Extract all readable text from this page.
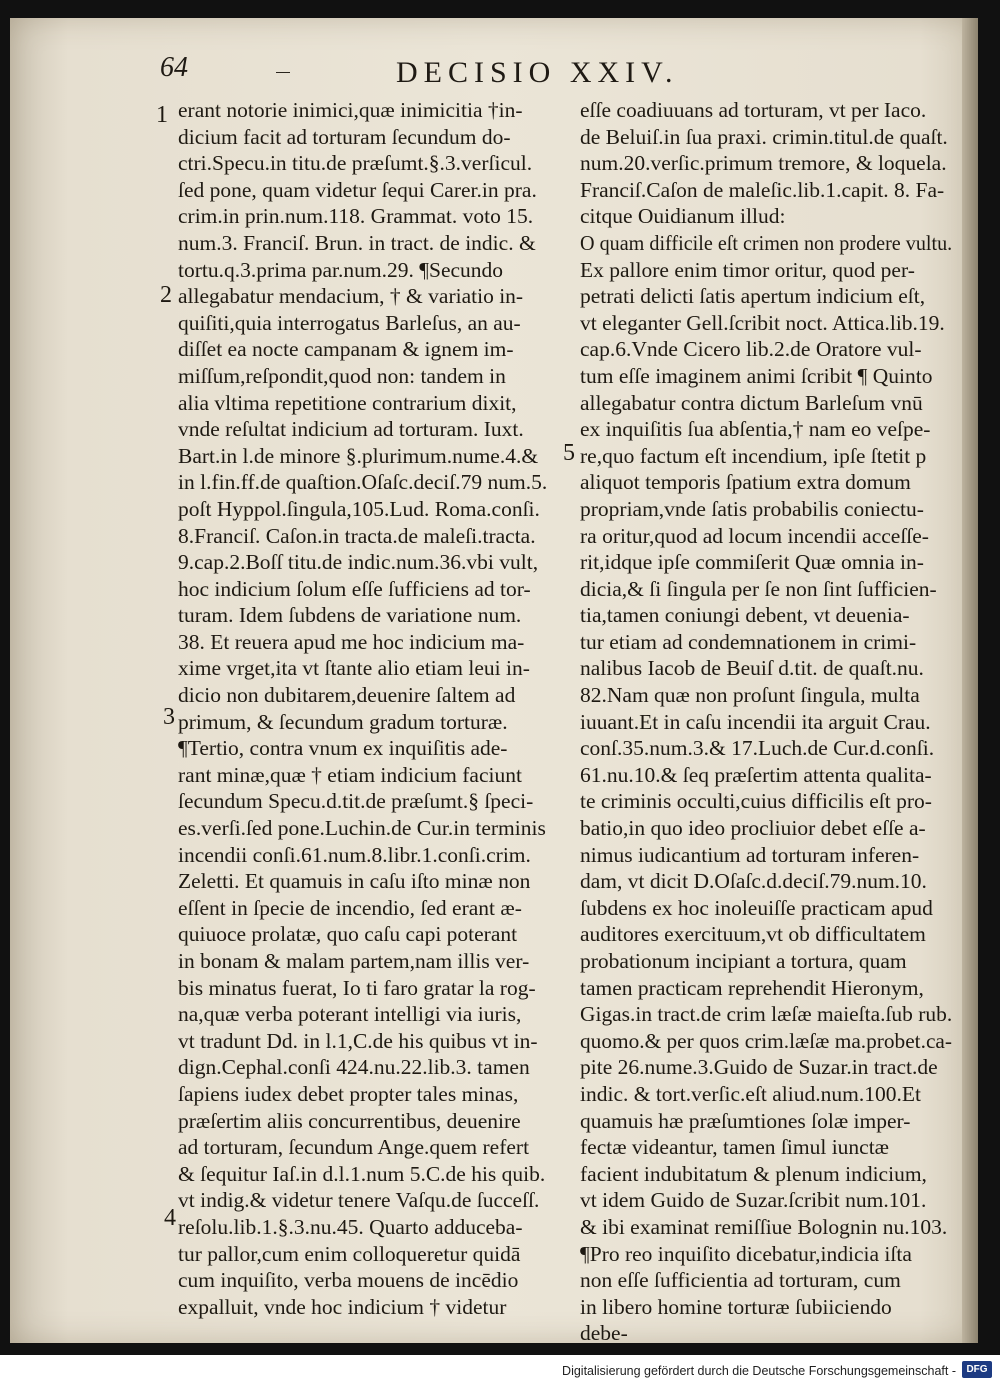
64	DECISIO XXIV.
1
2
3
4
5
erant notorie inimici,quæ inimicitia †in-
dicium facit ad torturam ſecundum do-
ctri.Specu.in titu.de præſumt.§.3.verſicul.
ſed pone, quam videtur ſequi Carer.in pra.
crim.in prin.num.118. Grammat. voto 15.
num.3. Franciſ. Brun. in tract. de indic. &
tortu.q.3.prima par.num.29. ¶Secundo
allegabatur mendacium, † & variatio in-
quiſiti,quia interrogatus Barleſus, an au-
diſſet ea nocte campanam & ignem im-
miſſum,reſpondit,quod non: tandem in
alia vltima repetitione contrarium dixit,
vnde reſultat indicium ad torturam. Iuxt.
Bart.in l.de minore §.plurimum.nume.4.&
in l.fin.ff.de quaſtion.Oſaſc.deciſ.79 num.5.
poſt Hyppol.ſingula,105.Lud. Roma.conſi.
8.Franciſ. Caſon.in tracta.de maleſi.tracta.
9.cap.2.Boſſ titu.de indic.num.36.vbi vult,
hoc indicium ſolum eſſe ſufficiens ad tor-
turam. Idem ſubdens de variatione num.
38. Et reuera apud me hoc indicium ma-
xime vrget,ita vt ſtante alio etiam leui in-
dicio non dubitarem,deuenire ſaltem ad
primum, & ſecundum gradum torturæ.
¶Tertio, contra vnum ex inquiſitis ade-
rant minæ,quæ † etiam indicium faciunt
ſecundum Specu.d.tit.de præſumt.§ ſpeci-
es.verſi.ſed pone.Luchin.de Cur.in terminis
incendii conſi.61.num.8.libr.1.conſi.crim.
Zeletti. Et quamuis in caſu iſto minæ non
eſſent in ſpecie de incendio, ſed erant æ-
quiuoce prolatæ, quo caſu capi poterant
in bonam & malam partem,nam illis ver-
bis minatus fuerat, Io ti faro gratar la rog-
na,quæ verba poterant intelligi via iuris,
vt tradunt Dd. in l.1,C.de his quibus vt in-
dign.Cephal.conſi 424.nu.22.lib.3. tamen
ſapiens iudex debet propter tales minas,
præſertim aliis concurrentibus, deuenire
ad torturam, ſecundum Ange.quem refert
& ſequitur Iaſ.in d.l.1.num 5.C.de his quib.
vt indig.& videtur tenere Vaſqu.de ſucceſſ.
reſolu.lib.1.§.3.nu.45. Quarto adduceba-
tur pallor,cum enim colloqueretur quidā
cum inquiſito, verba mouens de incēdio
expalluit, vnde hoc indicium † videtur
eſſe coadiuuans ad torturam, vt per Iaco.
de Beluiſ.in ſua praxi. crimin.titul.de quaſt.
num.20.verſic.primum tremore, & loquela.
Franciſ.Caſon de maleſic.lib.1.capit. 8. Fa-
citque Ouidianum illud:
O quam difficile eſt crimen non prodere vultu.
Ex pallore enim timor oritur, quod per-
petrati delicti ſatis apertum indicium eſt,
vt eleganter Gell.ſcribit noct. Attica.lib.19.
cap.6.Vnde Cicero lib.2.de Oratore vul-
tum eſſe imaginem animi ſcribit ¶ Quinto
allegabatur contra dictum Barleſum vnū
ex inquiſitis ſua abſentia,† nam eo veſpe-
re,quo factum eſt incendium, ipſe ſtetit p
aliquot temporis ſpatium extra domum
propriam,vnde ſatis probabilis coniectu-
ra oritur,quod ad locum incendii acceſſe-
rit,idque ipſe commiſerit Quæ omnia in-
dicia,& ſi ſingula per ſe non ſint ſufficien-
tia,tamen coniungi debent, vt deuenia-
tur etiam ad condemnationem in crimi-
nalibus Iacob de Beuiſ d.tit. de quaſt.nu.
82.Nam quæ non proſunt ſingula, multa
iuuant.Et in caſu incendii ita arguit Crau.
conſ.35.num.3.& 17.Luch.de Cur.d.conſi.
61.nu.10.& ſeq præſertim attenta qualita-
te criminis occulti,cuius difficilis eſt pro-
batio,in quo ideo procliuior debet eſſe a-
nimus iudicantium ad torturam inferen-
dam, vt dicit D.Oſaſc.d.deciſ.79.num.10.
ſubdens ex hoc inoleuiſſe practicam apud
auditores exercituum,vt ob difficultatem
probationum incipiant a tortura, quam
tamen practicam reprehendit Hieronym,
Gigas.in tract.de crim læſæ maieſta.ſub rub.
quomo.& per quos crim.læſæ ma.probet.ca-
pite 26.nume.3.Guido de Suzar.in tract.de
indic. & tort.verſic.eſt aliud.num.100.Et
quamuis hæ præſumtiones ſolæ imper-
fectæ videantur, tamen ſimul iunctæ
facient indubitatum & plenum indicium,
vt idem Guido de Suzar.ſcribit num.101.
& ibi examinat remiſſiue Bolognin nu.103.
¶Pro reo inquiſito dicebatur,indicia iſta
non eſſe ſufficientia ad torturam, cum
in libero homine torturæ ſubiiciendo
debe-
Digitalisierung gefördert durch die Deutsche Forschungsgemeinschaft -	DFG
